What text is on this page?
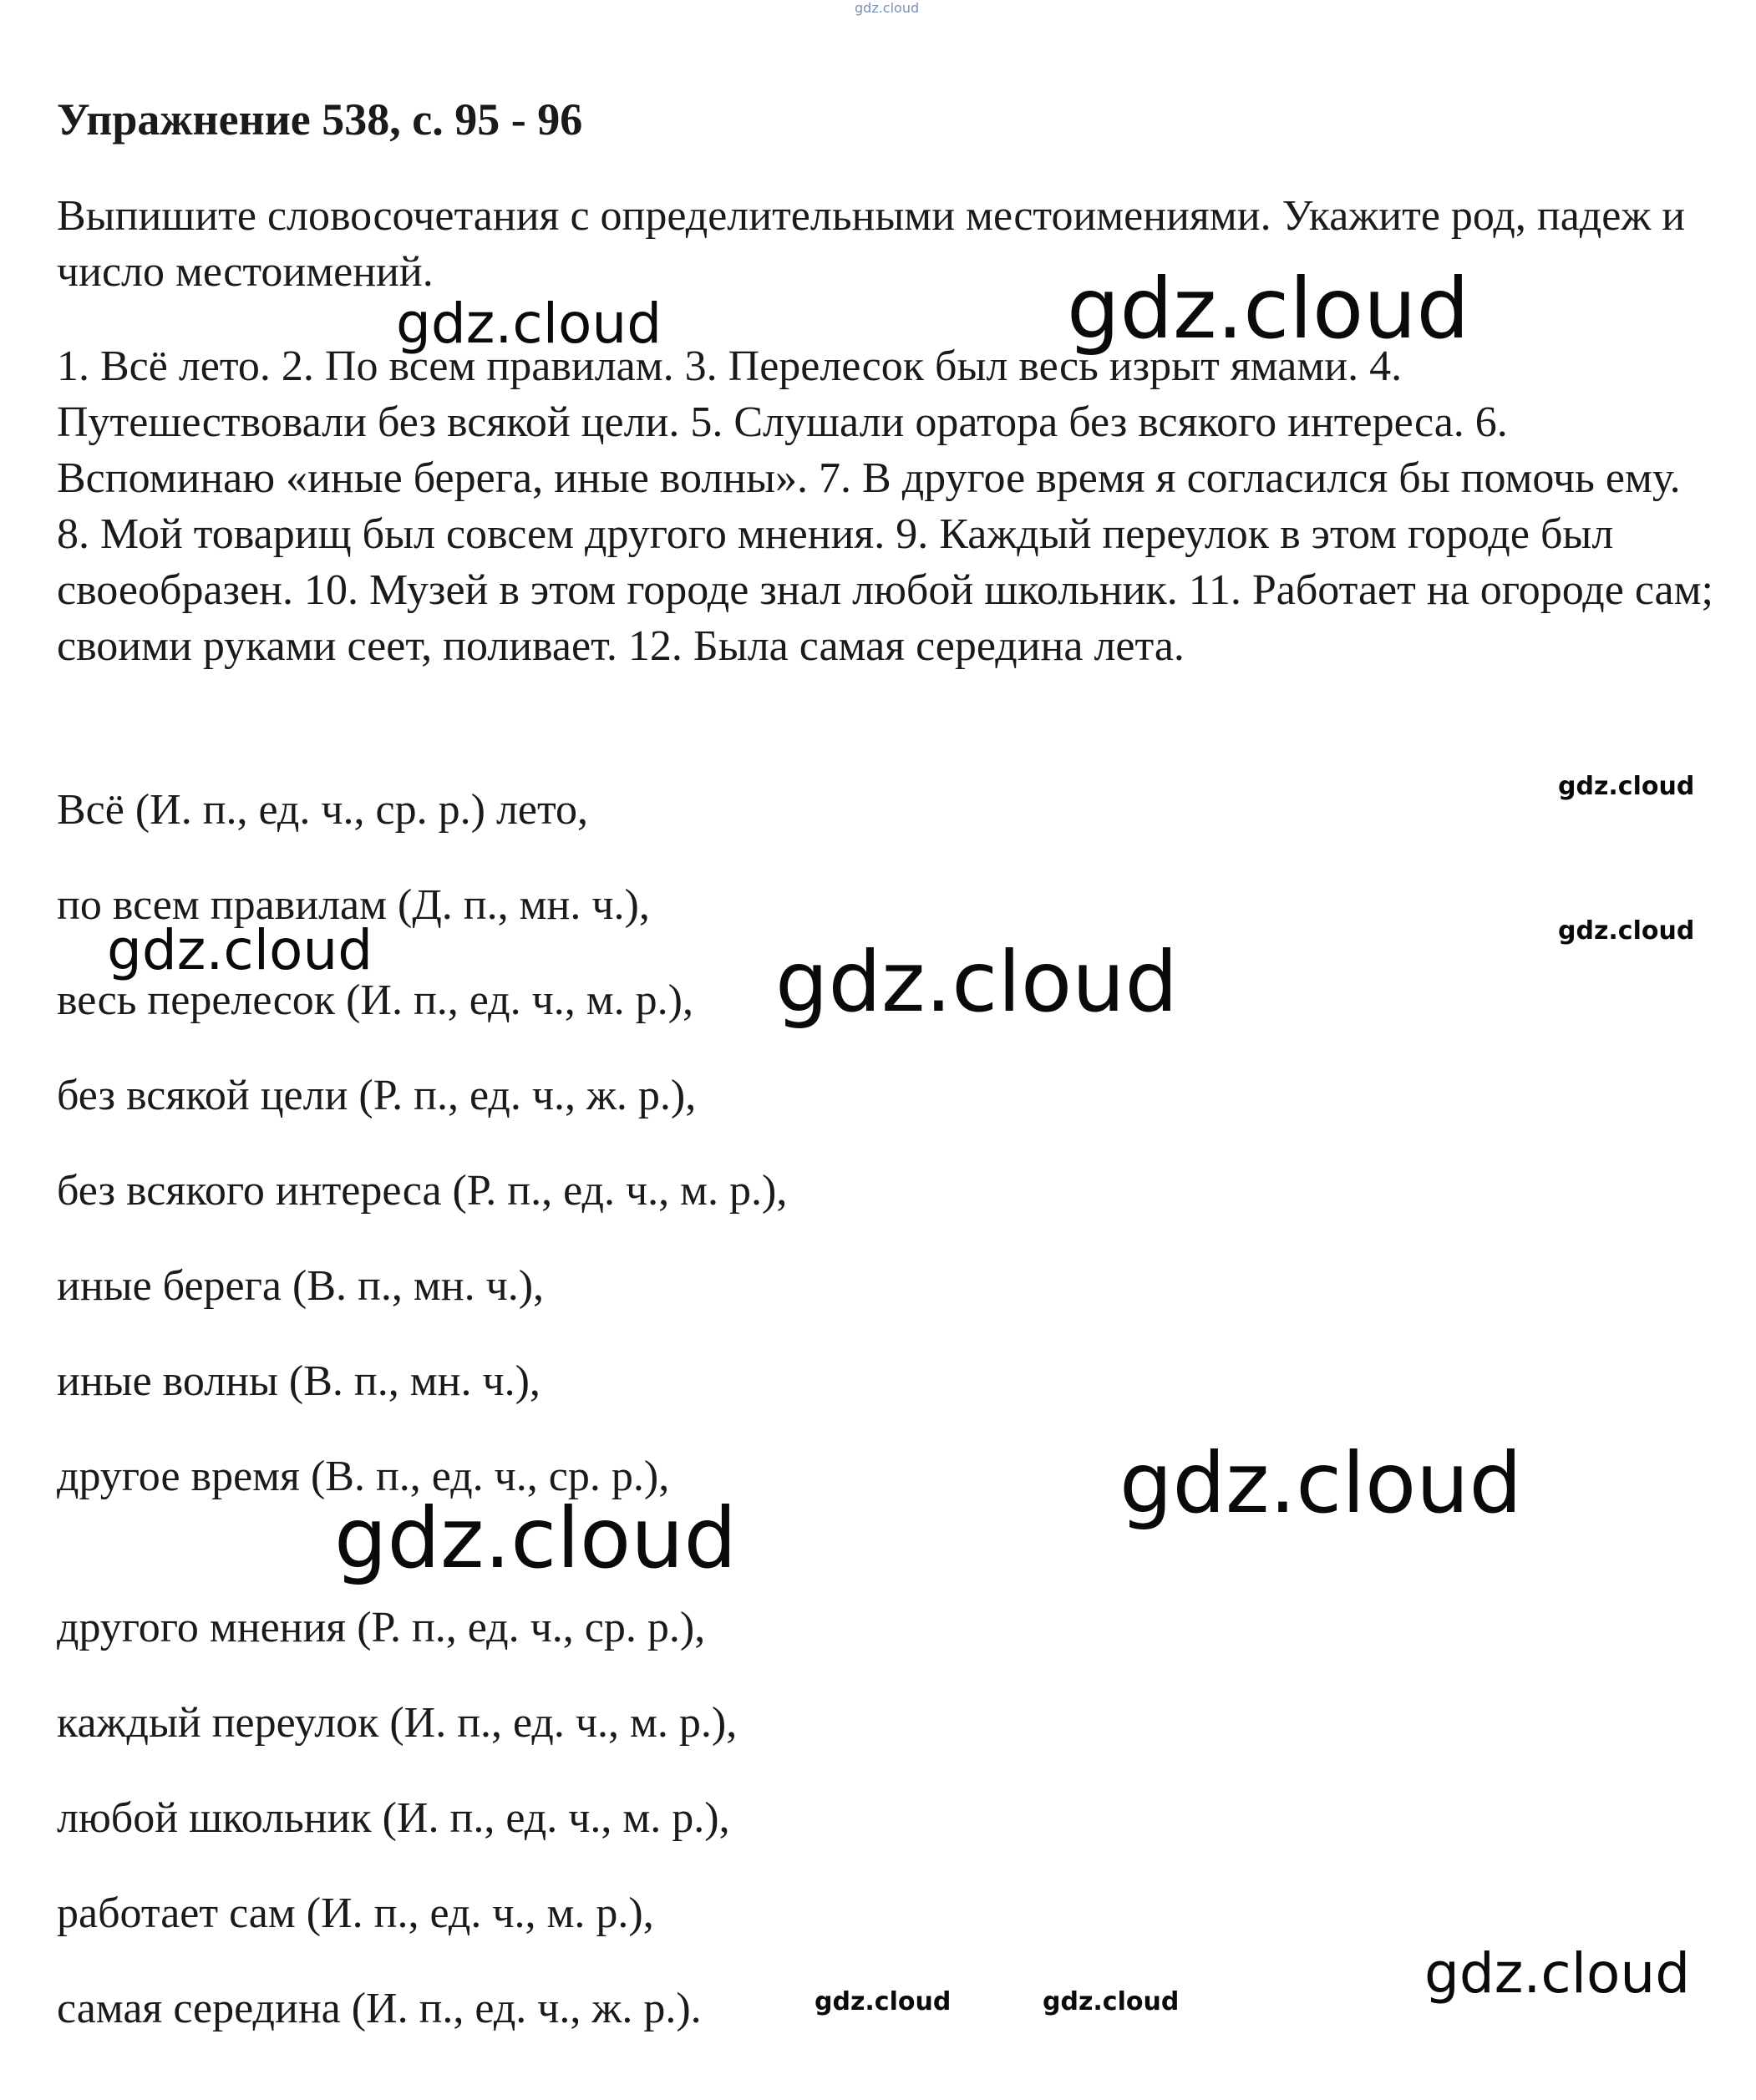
gdz.cloud
Упражнение 538, с. 95 - 96
Выпишите словосочетания с определительными местоимениями. Укажите род, падеж и число местоимений.
1. Всё лето. 2. По всем правилам. 3. Перелесок был весь изрыт ямами. 4. Путешествовали без всякой цели. 5. Слушали оратора без всякого интереса. 6. Вспоминаю «иные берега, иные волны». 7. В другое время я согласился бы помочь ему. 8. Мой товарищ был совсем другого мнения. 9. Каждый переулок в этом городе был своеобразен. 10. Музей в этом городе знал любой школьник. 11. Работает на огороде сам; своими руками сеет, поливает. 12. Была самая середина лета.
Всё (И. п., ед. ч., ср. р.) лето,
по всем правилам (Д. п., мн. ч.),
весь перелесок (И. п., ед. ч., м. р.),
без всякой цели (Р. п., ед. ч., ж. р.),
без всякого интереса (Р. п., ед. ч., м. р.),
иные берега (В. п., мн. ч.),
иные волны (В. п., мн. ч.),
другое время (В. п., ед. ч., ср. р.),
другого мнения (Р. п., ед. ч., ср. р.),
каждый переулок (И. п., ед. ч., м. р.),
любой школьник (И. п., ед. ч., м. р.),
работает сам (И. п., ед. ч., м. р.),
самая середина (И. п., ед. ч., ж. р.).
gdz.cloud	gdz.cloud
gdz.cloud
gdz.cloud
gdz.cloud	gdz.cloud
gdz.cloud
gdz.cloud
gdz.cloud
gdz.cloud	gdz.cloud
